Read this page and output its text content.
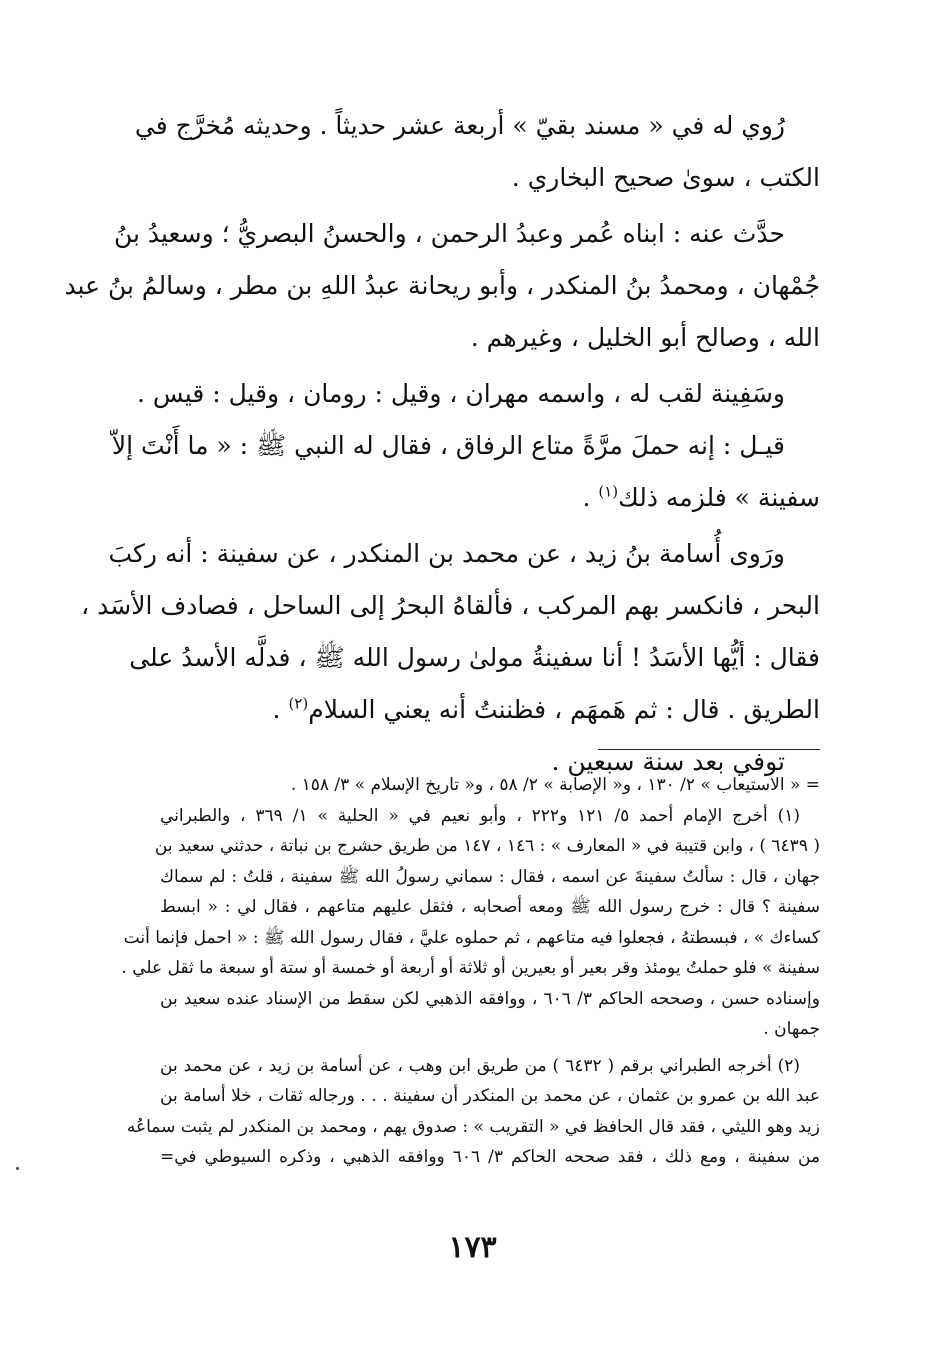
رُوي له في « مسند بقيّ » أربعة عشر حديثاً . وحديثه مُخرَّج في
الكتب ، سوىٰ صحيح البخاري .
حدَّث عنه : ابناه عُمر وعبدُ الرحمن ، والحسنُ البصريُّ ؛ وسعيدُ بنُ
جُمْهان ، ومحمدُ بنُ المنكدر ، وأبو ريحانة عبدُ اللهِ بن مطر ، وسالمُ بنُ عبد
الله ، وصالح أبو الخليل ، وغيرهم .
وسَفِينة لقب له ، واسمه مهران ، وقيل : رومان ، وقيل : قيس .
قيـل : إنه حملَ مرَّةً متاع الرفاق ، فقال له النبي ﷺ : « ما أَنْتَ إلاّ
سفينة » فلزمه ذلك$^{(١)}$ .
ورَوى أُسامة بنُ زيد ، عن محمد بن المنكدر ، عن سفينة : أنه ركبَ
البحر ، فانكسر بهم المركب ، فألقاهُ البحرُ إلى الساحل ، فصادف الأسَد ،
فقال : أيُّها الأسَدُ ! أنا سفينةُ مولىٰ رسول الله ﷺ ، فدلَّه الأسدُ على
الطريق . قال : ثم هَمهَم ، فظننتُ أنه يعني السلام$^{(٢)}$ .
توفي بعد سنة سبعين .
= « الاستيعاب » ٢/ ١٣٠ ، و« الإصابة » ٢/ ٥٨ ، و« تاريخ الإسلام » ٣/ ١٥٨ .
(١) أخرج الإمام أحمد ٥/ ١٢١ و٢٢٢ ، وأبو نعيم في « الحلية » ١/ ٣٦٩ ، والطبراني
( ٦٤٣٩ ) ، وابن قتيبة في « المعارف » : ١٤٦ ، ١٤٧ من طريق حشرج بن نباتة ، حدثني سعيد بن
جهان ، قال : سألتُ سفينةَ عن اسمه ، فقال : سماني رسولُ الله ﷺ سفينة ، قلتُ : لم سماك
سفينة ؟ قال : خرج رسول الله ﷺ ومعه أصحابه ، فثقل عليهم متاعهم ، فقال لي : « ابسط
كساءك » ، فبسطتهُ ، فجعلوا فيه متاعهم ، ثم حملوه عليَّ ، فقال رسول الله ﷺ : « احمل فإنما أنت
سفينة » فلو حملتُ يومئذ وقر بعير أو بعيرين أو ثلاثة أو أربعة أو خمسة أو ستة أو سبعة ما ثقل علي .
وإسناده حسن ، وصححه الحاكم ٣/ ٦٠٦ ، ووافقه الذهبي لكن سقط من الإسناد عنده سعيد بن
جمهان .
(٢) أخرجه الطبراني برقم ( ٦٤٣٢ ) من طريق ابن وهب ، عن أسامة بن زيد ، عن محمد بن
عبد الله بن عمرو بن عثمان ، عن محمد بن المنكدر أن سفينة . . . ورجاله ثقات ، خلا أسامة بن
زيد وهو الليثي ، فقد قال الحافظ في « التقريب » : صدوق يهم ، ومحمد بن المنكدر لم يثبت سماعُه
من سفينة ، ومع ذلك ، فقد صححه الحاكم ٣/ ٦٠٦ ووافقه الذهبي ، وذكره السيوطي في=
١٧٣
